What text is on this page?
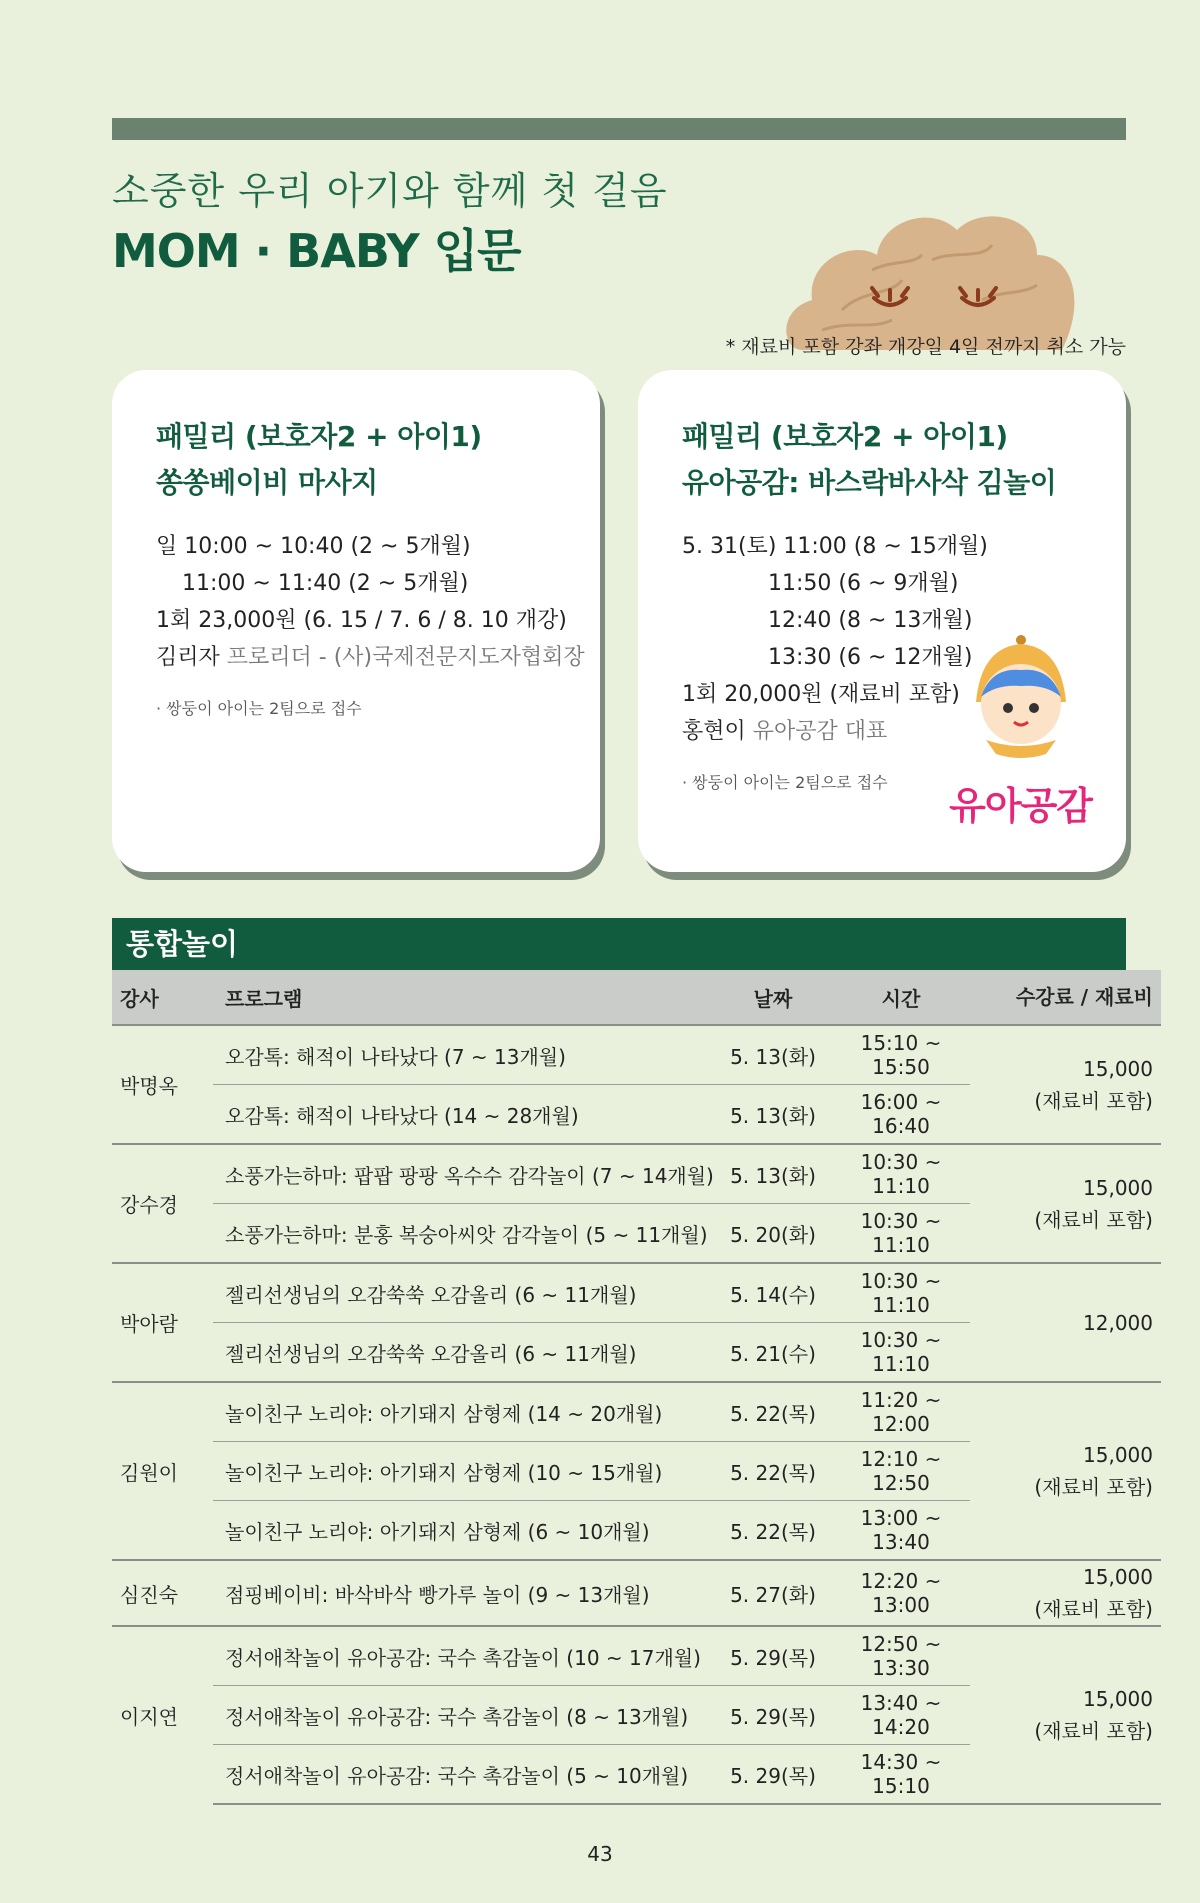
소중한 우리 아기와 함께 첫 걸음
MOM · BABY 입문
* 재료비 포함 강좌 개강일 4일 전까지 취소 가능
패밀리 (보호자2 + 아이1)
쏭쏭베이비 마사지
일 10:00 ~ 10:40 (2 ~ 5개월)
11:00 ~ 11:40 (2 ~ 5개월)
1회 23,000원 (6. 15 / 7. 6 / 8. 10 개강)
김리자 프로리더 - (사)국제전문지도자협회장
· 쌍둥이 아이는 2팀으로 접수
패밀리 (보호자2 + 아이1)
유아공감: 바스락바사삭 김놀이
5. 31(토) 11:00 (8 ~ 15개월)
11:50 (6 ~ 9개월)
12:40 (8 ~ 13개월)
13:30 (6 ~ 12개월)
1회 20,000원 (재료비 포함)
홍현이 유아공감 대표
· 쌍둥이 아이는 2팀으로 접수
유아공감
통합놀이
강사	프로그램	날짜	시간	수강료 / 재료비
박명옥	오감톡: 해적이 나타났다 (7 ~ 13개월)	5. 13(화)	15:10 ~ 15:50	15,000
(재료비 포함)

	오감톡: 해적이 나타났다 (14 ~ 28개월)	5. 13(화)	16:00 ~ 16:40	
강수경	소풍가는하마: 팝팝 팡팡 옥수수 감각놀이 (7 ~ 14개월)	5. 13(화)	10:30 ~ 11:10	15,000
(재료비 포함)

	소풍가는하마: 분홍 복숭아씨앗 감각놀이 (5 ~ 11개월)	5. 20(화)	10:30 ~ 11:10	
박아람	젤리선생님의 오감쑥쑥 오감올리 (6 ~ 11개월)	5. 14(수)	10:30 ~ 11:10	12,000

	젤리선생님의 오감쑥쑥 오감올리 (6 ~ 11개월)	5. 21(수)	10:30 ~ 11:10	
김원이	놀이친구 노리야: 아기돼지 삼형제 (14 ~ 20개월)	5. 22(목)	11:20 ~ 12:00	15,000
(재료비 포함)

	놀이친구 노리야: 아기돼지 삼형제 (10 ~ 15개월)	5. 22(목)	12:10 ~ 12:50	
	놀이친구 노리야: 아기돼지 삼형제 (6 ~ 10개월)	5. 22(목)	13:00 ~ 13:40	
심진숙	점핑베이비: 바삭바삭 빵가루 놀이 (9 ~ 13개월)	5. 27(화)	12:20 ~ 13:00	15,000
(재료비 포함)

이지연	정서애착놀이 유아공감: 국수 촉감놀이 (10 ~ 17개월)	5. 29(목)	12:50 ~ 13:30	15,000
(재료비 포함)

	정서애착놀이 유아공감: 국수 촉감놀이 (8 ~ 13개월)	5. 29(목)	13:40 ~ 14:20	
	정서애착놀이 유아공감: 국수 촉감놀이 (5 ~ 10개월)	5. 29(목)	14:30 ~ 15:10	
43
